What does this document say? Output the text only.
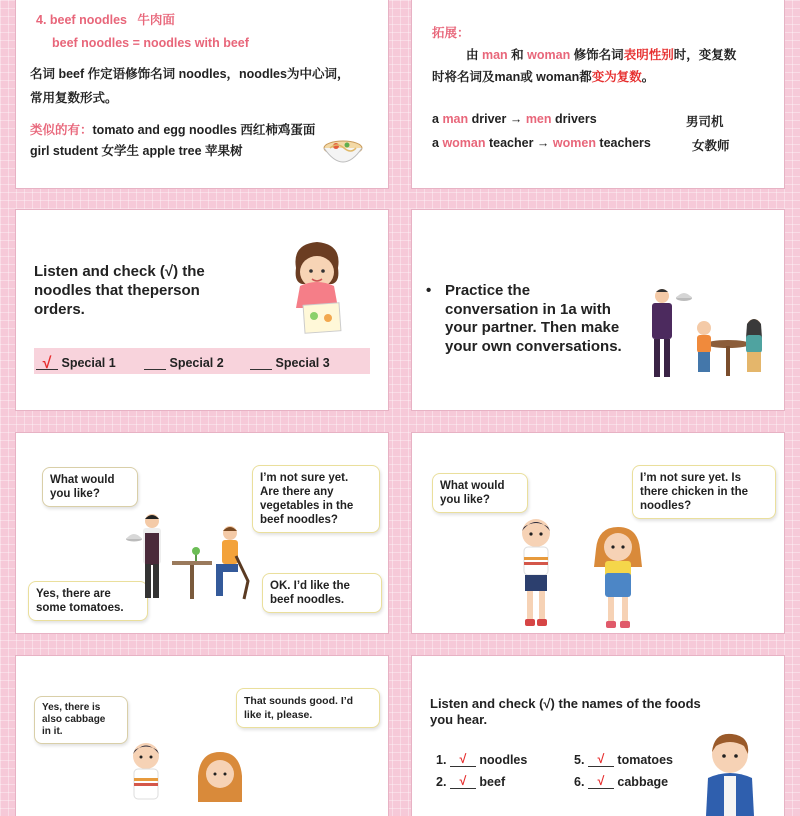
4. beef noodles 牛肉面
beef noodles = noodles with beef
名词 beef 作定语修饰名词 noodles，noodles为中心词，
常用复数形式。
类似的有：tomato and egg noodles 西红柿鸡蛋面
girl student 女学生 apple tree 苹果树
拓展：
由 man 和 woman 修饰名词表明性别时，变复数
时将名词及man或 woman都变为复数。
a man driver → men drivers	男司机
a woman teacher → women teachers	女教师
Listen and check (√) the
noodles that theperson
orders.
√ Special 1	Special 2	Special 3
• Practice the
conversation in 1a with
your partner. Then make
your own conversations.
What would
you like?
I’m not sure yet.
Are there any
vegetables in the
beef noodles?
Yes, there are
some tomatoes.
OK. I’d like the
beef noodles.
What would
you like?
I’m not sure yet. Is
there chicken in the
noodles?
Yes, there is
also cabbage
in it.
That sounds good. I’d
like it, please.
Listen and check (√) the names of the foods
you hear.
1. √ noodles
2. √ beef
5. √ tomatoes
6. √ cabbage
